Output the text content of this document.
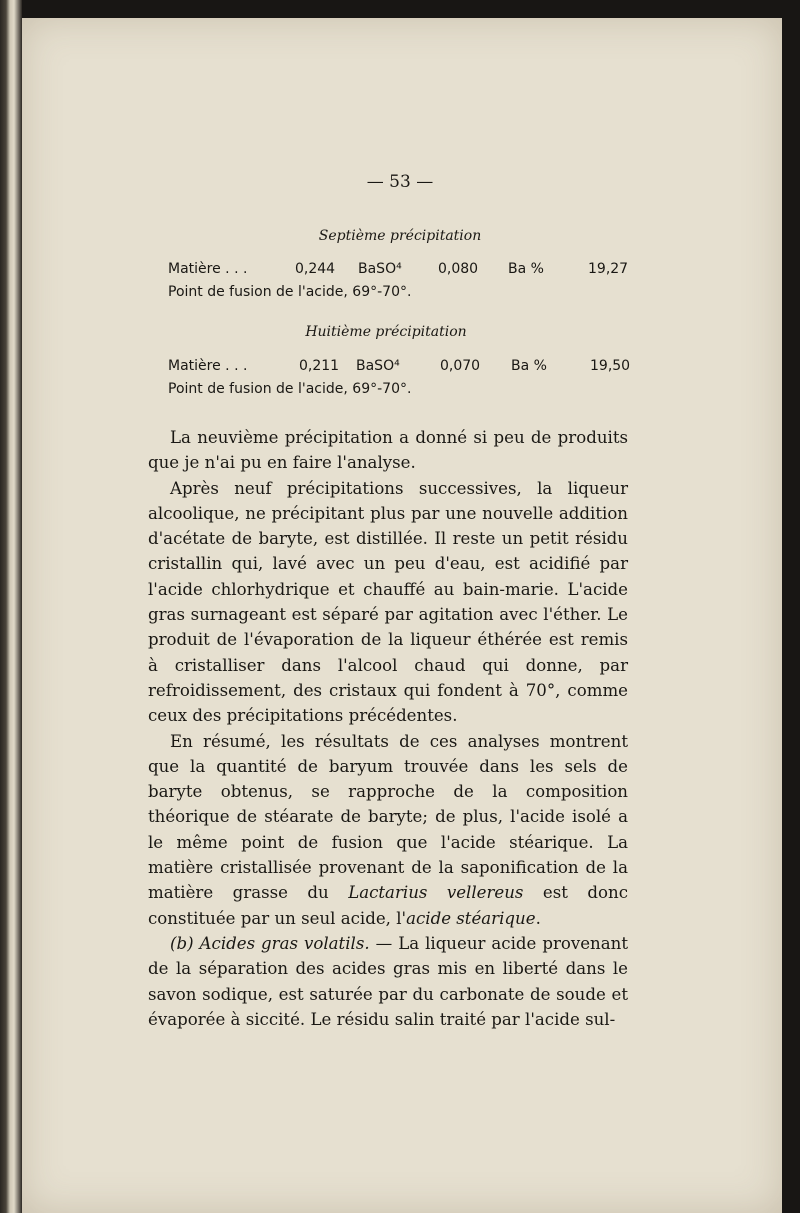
— 53 —
Septième précipitation
Matière . . .	0,244 BaSO⁴	0,080 Ba %	19,27
Point de fusion de l'acide, 69°-70°.
Huitième précipitation
Matière . . .	0,211 BaSO⁴	0,070 Ba %	19,50
Point de fusion de l'acide, 69°-70°.

La neuvième précipitation a donné si peu de produits que je n'ai pu en faire l'analyse.

Après neuf précipitations successives, la liqueur alcoolique, ne précipitant plus par une nouvelle addition d'acétate de baryte, est distillée. Il reste un petit résidu cristallin qui, lavé avec un peu d'eau, est acidifié par l'acide chlorhydrique et chauffé au bain-marie. L'acide gras surnageant est séparé par agitation avec l'éther. Le produit de l'évaporation de la liqueur éthérée est remis à cristalliser dans l'alcool chaud qui donne, par refroidissement, des cristaux qui fondent à 70°, comme ceux des précipitations précédentes.

En résumé, les résultats de ces analyses montrent que la quantité de baryum trouvée dans les sels de baryte obtenus, se rapproche de la composition théorique de stéarate de baryte; de plus, l'acide isolé a le même point de fusion que l'acide stéarique. La matière cristallisée provenant de la saponification de la matière grasse du Lactarius vellereus est donc constituée par un seul acide, l'acide stéarique.

(b) Acides gras volatils. — La liqueur acide provenant de la séparation des acides gras mis en liberté dans le savon sodique, est saturée par du carbonate de soude et évaporée à siccité. Le résidu salin traité par l'acide sul-
